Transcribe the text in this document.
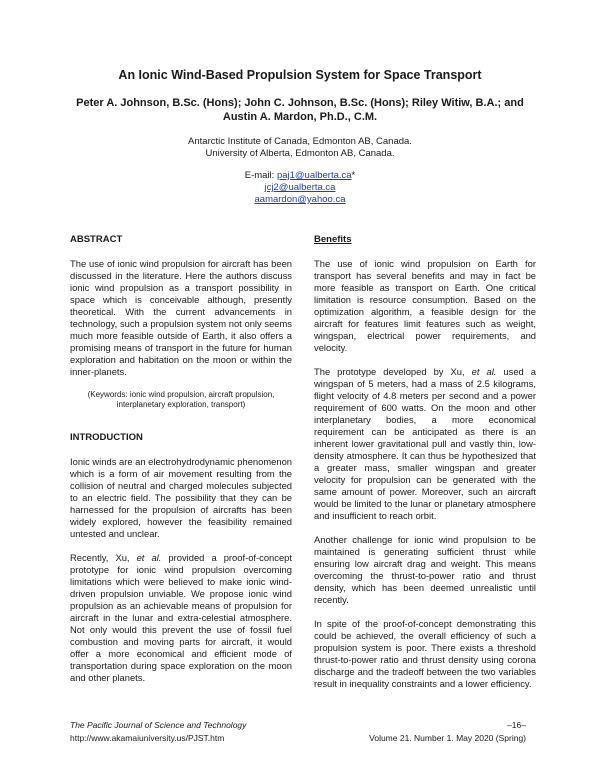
An Ionic Wind-Based Propulsion System for Space Transport
Peter A. Johnson, B.Sc. (Hons); John C. Johnson, B.Sc. (Hons); Riley Witiw, B.A.; and
Austin A. Mardon, Ph.D., C.M.
Antarctic Institute of Canada, Edmonton AB, Canada.
University of Alberta, Edmonton AB, Canada.
E-mail: paj1@ualberta.ca*
jcj2@ualberta.ca
aamardon@yahoo.ca
ABSTRACT

The use of ionic wind propulsion for aircraft has been discussed in the literature. Here the authors discuss ionic wind propulsion as a transport possibility in space which is conceivable although, presently theoretical. With the current advancements in technology, such a propulsion system not only seems much more feasible outside of Earth, it also offers a promising means of transport in the future for human exploration and habitation on the moon or within the inner-planets.

(Keywords: ionic wind propulsion, aircraft propulsion, interplanetary exploration, transport)

INTRODUCTION

Ionic winds are an electrohydrodynamic phenomenon which is a form of air movement resulting from the collision of neutral and charged molecules subjected to an electric field. The possibility that they can be harnessed for the propulsion of aircrafts has been widely explored, however the feasibility remained untested and unclear.

Recently, Xu, et al. provided a proof-of-concept prototype for ionic wind propulsion overcoming limitations which were believed to make ionic wind-driven propulsion unviable. We propose ionic wind propulsion as an achievable means of propulsion for aircraft in the lunar and extra-celestial atmosphere. Not only would this prevent the use of fossil fuel combustion and moving parts for aircraft, it would offer a more economical and efficient mode of transportation during space exploration on the moon and other planets.

Benefits

The use of ionic wind propulsion on Earth for transport has several benefits and may in fact be more feasible as transport on Earth. One critical limitation is resource consumption. Based on the optimization algorithm, a feasible design for the aircraft for features limit features such as weight, wingspan, electrical power requirements, and velocity.

The prototype developed by Xu, et al. used a wingspan of 5 meters, had a mass of 2.5 kilograms, flight velocity of 4.8 meters per second and a power requirement of 600 watts. On the moon and other interplanetary bodies, a more economical requirement can be anticipated as there is an inherent lower gravitational pull and vastly thin, low-density atmosphere. It can thus be hypothesized that a greater mass, smaller wingspan and greater velocity for propulsion can be generated with the same amount of power. Moreover, such an aircraft would be limited to the lunar or planetary atmosphere and insufficient to reach orbit.

Another challenge for ionic wind propulsion to be maintained is generating sufficient thrust while ensuring low aircraft drag and weight. This means overcoming the thrust-to-power ratio and thrust density, which has been deemed unrealistic until recently.

In spite of the proof-of-concept demonstrating this could be achieved, the overall efficiency of such a propulsion system is poor. There exists a threshold thrust-to-power ratio and thrust density using corona discharge and the tradeoff between the two variables result in inequality constraints and a lower efficiency.

The Pacific Journal of Science and Technology
http://www.akamaiuniversity.us/PJST.htm
–16–
Volume 21. Number 1. May 2020 (Spring)
